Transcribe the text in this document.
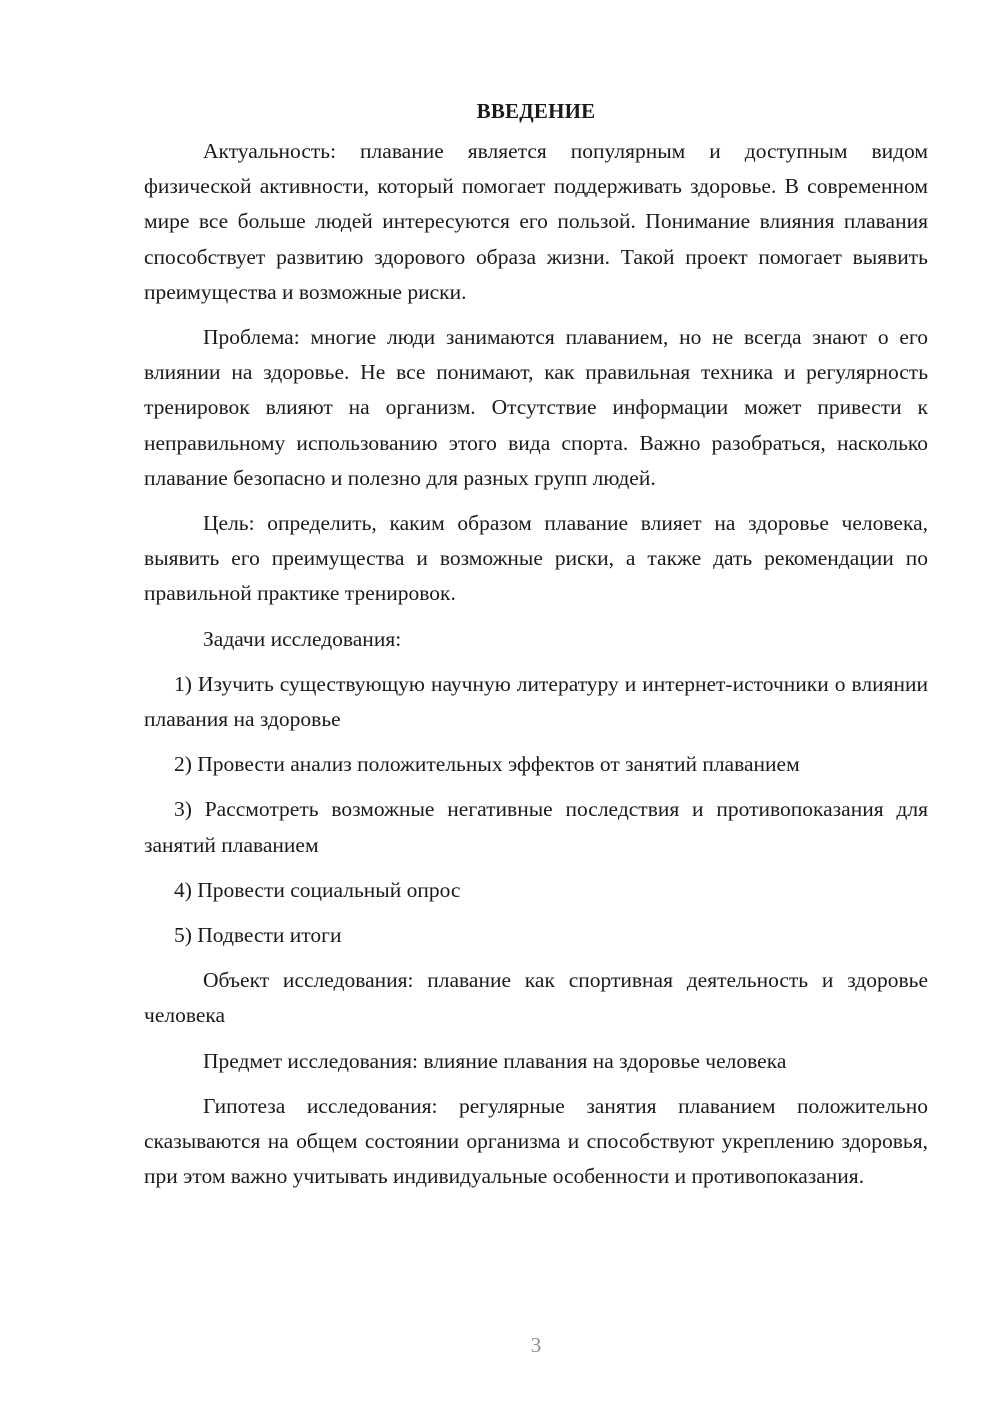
ВВЕДЕНИЕ

Актуальность: плавание является популярным и доступным видом физической активности, который помогает поддерживать здоровье. В современном мире все больше людей интересуются его пользой. Понимание влияния плавания способствует развитию здорового образа жизни. Такой проект помогает выявить преимущества и возможные риски.

Проблема: многие люди занимаются плаванием, но не всегда знают о его влиянии на здоровье. Не все понимают, как правильная техника и регулярность тренировок влияют на организм. Отсутствие информации может привести к неправильному использованию этого вида спорта. Важно разобраться, насколько плавание безопасно и полезно для разных групп людей.

Цель: определить, каким образом плавание влияет на здоровье человека, выявить его преимущества и возможные риски, а также дать рекомендации по правильной практике тренировок.

Задачи исследования:

1) Изучить существующую научную литературу и интернет-источники о влиянии плавания на здоровье

2) Провести анализ положительных эффектов от занятий плаванием

3) Рассмотреть возможные негативные последствия и противопоказания для занятий плаванием

4) Провести социальный опрос

5) Подвести итоги

Объект исследования: плавание как спортивная деятельность и здоровье человека

Предмет исследования: влияние плавания на здоровье человека

Гипотеза исследования: регулярные занятия плаванием положительно сказываются на общем состоянии организма и способствуют укреплению здоровья, при этом важно учитывать индивидуальные особенности и противопоказания.

3
